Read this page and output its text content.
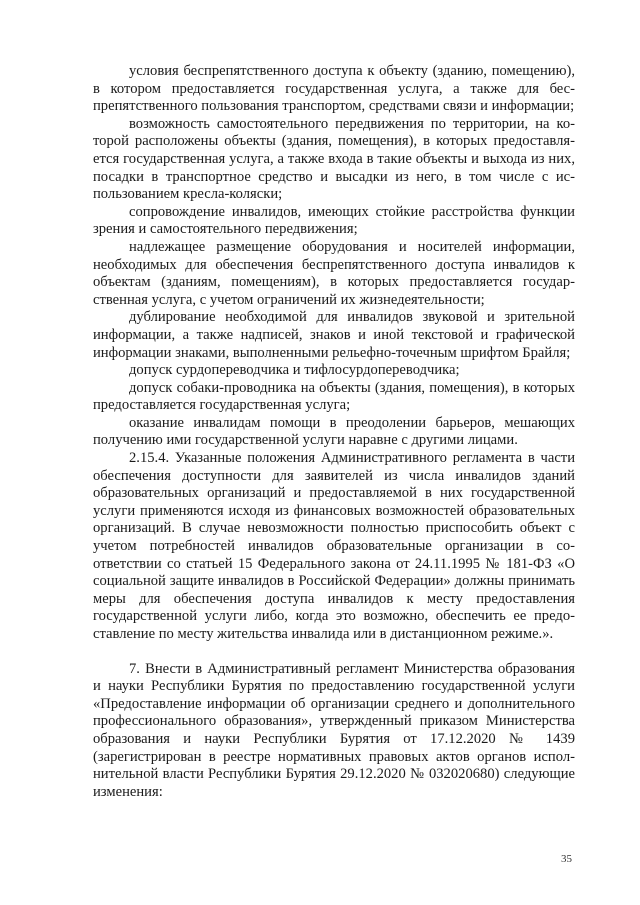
условия беспрепятственного доступа к объекту (зданию, помещению), в котором предоставляется государственная услуга, а также для беспрепятственного пользования транспортом, средствами связи и информации;

возможность самостоятельного передвижения по территории, на которой расположены объекты (здания, помещения), в которых предоставляется государственная услуга, а также входа в такие объекты и выхода из них, посадки в транспортное средство и высадки из него, в том числе с использованием кресла-коляски;

сопровождение инвалидов, имеющих стойкие расстройства функции зрения и самостоятельного передвижения;

надлежащее размещение оборудования и носителей информации, необходимых для обеспечения беспрепятственного доступа инвалидов к объектам (зданиям, помещениям), в которых предоставляется государственная услуга, с учетом ограничений их жизнедеятельности;

дублирование необходимой для инвалидов звуковой и зрительной информации, а также надписей, знаков и иной текстовой и графической информации знаками, выполненными рельефно-точечным шрифтом Брайля;

допуск сурдопереводчика и тифлосурдопереводчика;

допуск собаки-проводника на объекты (здания, помещения), в которых предоставляется государственная услуга;

оказание инвалидам помощи в преодолении барьеров, мешающих получению ими государственной услуги наравне с другими лицами.

2.15.4. Указанные положения Административного регламента в части обеспечения доступности для заявителей из числа инвалидов зданий образовательных организаций и предоставляемой в них государственной услуги применяются исходя из финансовых возможностей образовательных организаций. В случае невозможности полностью приспособить объект с учетом потребностей инвалидов образовательные организации в соответствии со статьей 15 Федерального закона от 24.11.1995 № 181-ФЗ «О социальной защите инвалидов в Российской Федерации» должны принимать меры для обеспечения доступа инвалидов к месту предоставления государственной услуги либо, когда это возможно, обеспечить ее предоставление по месту жительства инвалида или в дистанционном режиме.».

7. Внести в Административный регламент Министерства образования и науки Республики Бурятия по предоставлению государственной услуги «Предоставление информации об организации среднего и дополнительного профессионального образования», утвержденный приказом Министерства образования и науки Республики Бурятия от 17.12.2020 № 1439 (зарегистрирован в реестре нормативных правовых актов органов исполнительной власти Республики Бурятия 29.12.2020 № 032020680) следующие изменения:

35
